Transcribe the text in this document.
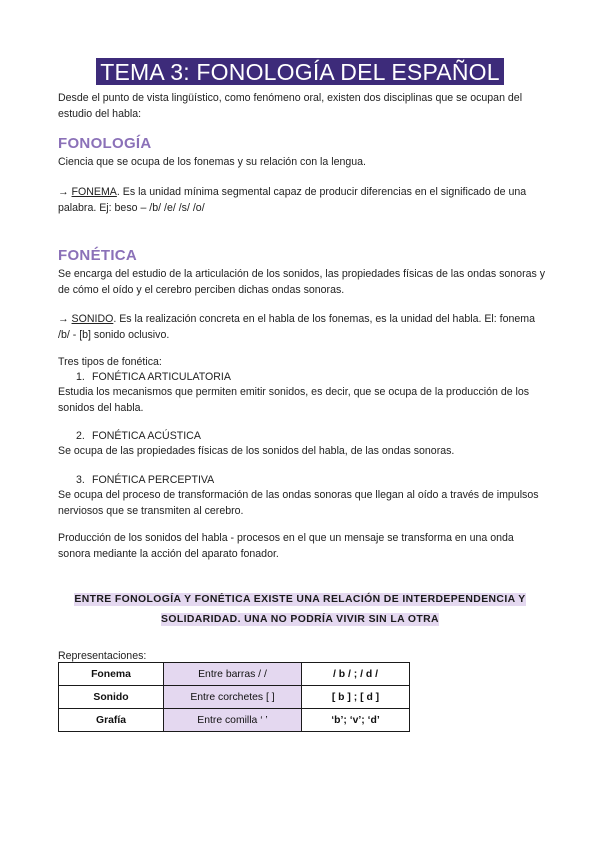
TEMA 3: FONOLOGÍA DEL ESPAÑOL
Desde el punto de vista lingüístico, como fenómeno oral, existen dos disciplinas que se ocupan del estudio del habla:
FONOLOGÍA
Ciencia que se ocupa de los fonemas y su relación con la lengua.
→ FONEMA. Es la unidad mínima segmental capaz de producir diferencias en el significado de una palabra. Ej: beso – /b/ /e/ /s/ /o/
FONÉTICA
Se encarga del estudio de la articulación de los sonidos, las propiedades físicas de las ondas sonoras y de cómo el oído y el cerebro perciben dichas ondas sonoras.
→ SONIDO. Es la realización concreta en el habla de los fonemas, es la unidad del habla. El: fonema /b/ - [b] sonido oclusivo.
Tres tipos de fonética:
1. FONÉTICA ARTICULATORIA
Estudia los mecanismos que permiten emitir sonidos, es decir, que se ocupa de la producción de los sonidos del habla.
2. FONÉTICA ACÚSTICA
Se ocupa de las propiedades físicas de los sonidos del habla, de las ondas sonoras.
3. FONÉTICA PERCEPTIVA
Se ocupa del proceso de transformación de las ondas sonoras que llegan al oído a través de impulsos nerviosos que se transmiten al cerebro.
Producción de los sonidos del habla - procesos en el que un mensaje se transforma en una onda sonora mediante la acción del aparato fonador.
ENTRE FONOLOGÍA Y FONÉTICA EXISTE UNA RELACIÓN DE INTERDEPENDENCIA Y SOLIDARIDAD. UNA NO PODRÍA VIVIR SIN LA OTRA
Representaciones:
Fonema	Entre barras / /	/ b / ; / d /
Sonido	Entre corchetes [ ]	[ b ] ; [ d ]
Grafía	Entre comilla ‘ ’	‘b’; ‘v’; ‘d’
